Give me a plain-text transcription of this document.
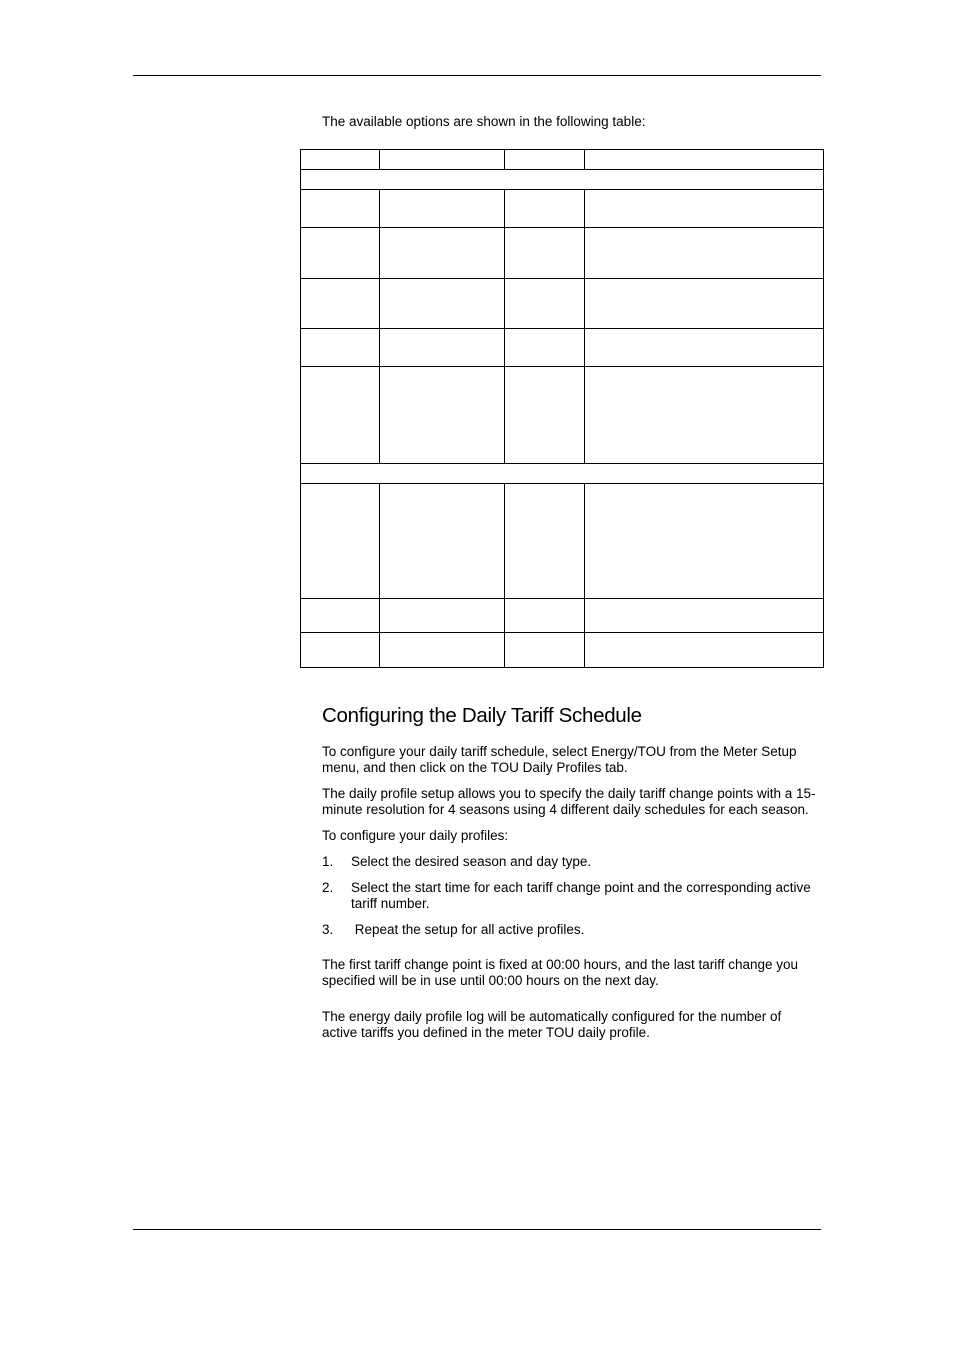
The available options are shown in the following table:

Configuring the Daily Tariff Schedule

To configure your daily tariff schedule, select Energy/TOU from the Meter Setup menu, and then click on the TOU Daily Profiles tab.

The daily profile setup allows you to specify the daily tariff change points with a 15-minute resolution for 4 seasons using 4 different daily schedules for each season.

To configure your daily profiles:

1. Select the desired season and day type.
2. Select the start time for each tariff change point and the corresponding active tariff number.
3. Repeat the setup for all active profiles.

The first tariff change point is fixed at 00:00 hours, and the last tariff change you specified will be in use until 00:00 hours on the next day.

The energy daily profile log will be automatically configured for the number of active tariffs you defined in the meter TOU daily profile.
